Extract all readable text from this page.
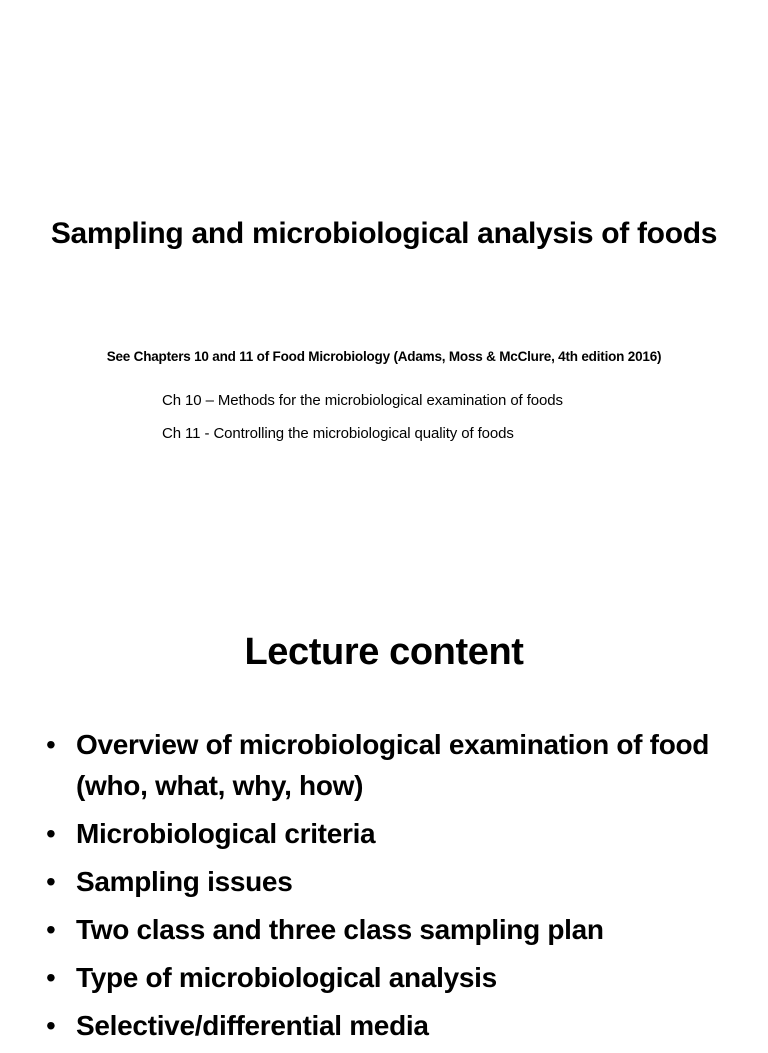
Sampling and microbiological analysis of foods

See Chapters 10 and 11 of Food Microbiology (Adams, Moss & McClure, 4th edition 2016)

Ch 10 – Methods for the microbiological examination of foods

Ch 11 - Controlling the microbiological quality of foods

Lecture content
• Overview of microbiological examination of food (who, what, why, how)
• Microbiological criteria
• Sampling issues
• Two class and three class sampling plan
• Type of microbiological analysis
• Selective/differential media
